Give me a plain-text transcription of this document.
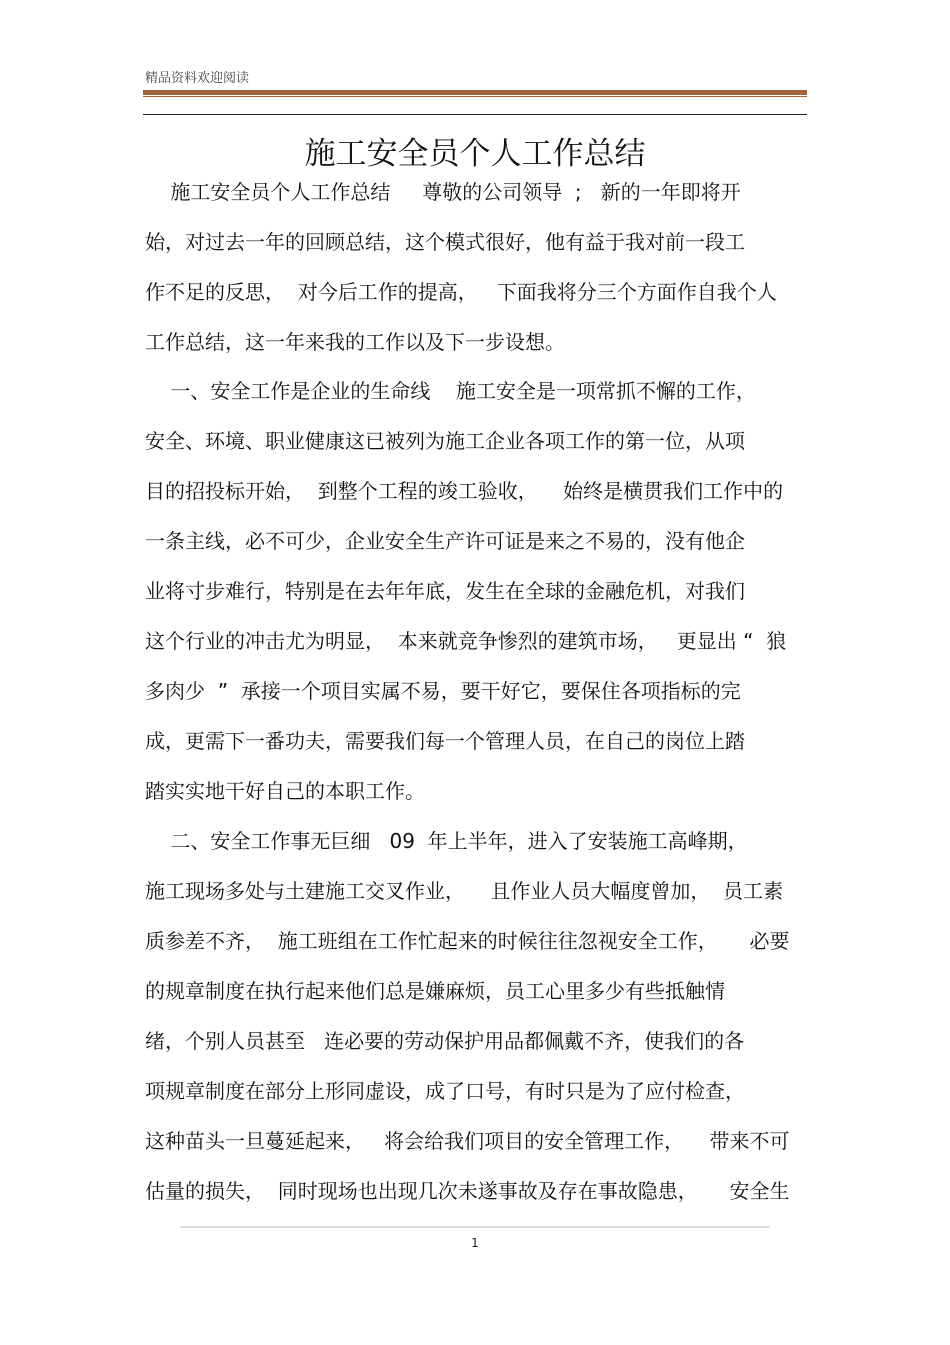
精品资料欢迎阅读
施工安全员个人工作总结
施工安全员个人工作总结     尊敬的公司领导  ;   新的一年即将开
始，对过去一年的回顾总结，这个模式很好，他有益于我对前一段工
作不足的反思，  对今后工作的提高，   下面我将分三个方面作自我个人
工作总结，这一年来我的工作以及下一步设想。
一、安全工作是企业的生命线    施工安全是一项常抓不懈的工作，
安全、环境、职业健康这已被列为施工企业各项工作的第一位，从项
目的招投标开始，  到整个工程的竣工验收，    始终是横贯我们工作中的
一条主线，必不可少，企业安全生产许可证是来之不易的，没有他企
业将寸步难行，特别是在去年年底，发生在全球的金融危机，对我们
这个行业的冲击尤为明显，  本来就竞争惨烈的建筑市场，   更显出 “  狼
多肉少  ”  承接一个项目实属不易，要干好它，要保住各项指标的完
成，更需下一番功夫，需要我们每一个管理人员，在自己的岗位上踏
踏实实地干好自己的本职工作。
二、安全工作事无巨细   09  年上半年，进入了安装施工高峰期，
施工现场多处与土建施工交叉作业，    且作业人员大幅度曾加，  员工素
质参差不齐，  施工班组在工作忙起来的时候往往忽视安全工作，     必要
的规章制度在执行起来他们总是嫌麻烦，员工心里多少有些抵触情
绪，个别人员甚至   连必要的劳动保护用品都佩戴不齐，使我们的各
项规章制度在部分上形同虚设，成了口号，有时只是为了应付检查，
这种苗头一旦蔓延起来，   将会给我们项目的安全管理工作，    带来不可
估量的损失，  同时现场也出现几次未遂事故及存在事故隐患，     安全生
1
